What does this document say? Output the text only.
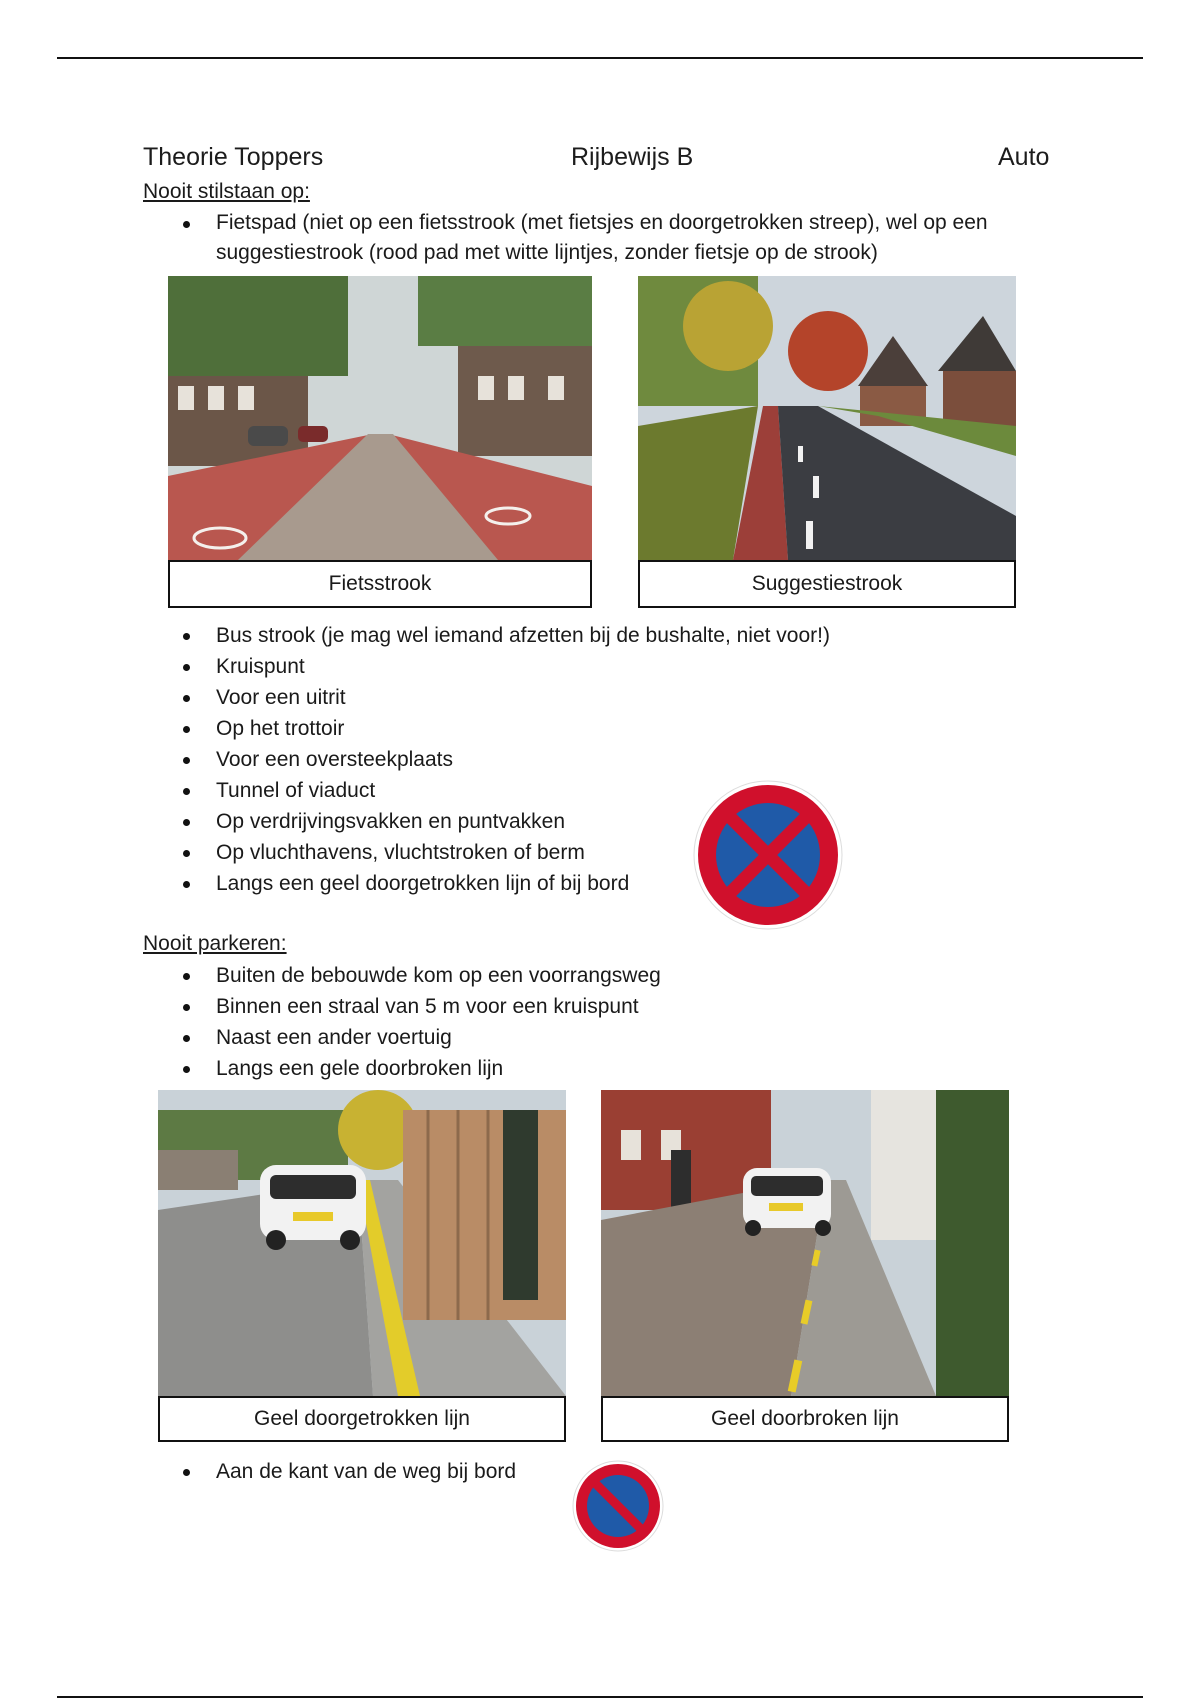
Theorie Toppers	Rijbewijs B	Auto
Nooit stilstaan op:
Fietspad (niet op een fietsstrook (met fietsjes en doorgetrokken streep), wel op een suggestiestrook (rood pad met witte lijntjes, zonder fietsje op de strook)
Fietsstrook	Suggestiestrook
Bus strook (je mag wel iemand afzetten bij de bushalte, niet voor!)
Kruispunt
Voor een uitrit
Op het trottoir
Voor een oversteekplaats
Tunnel of viaduct
Op verdrijvingsvakken en puntvakken
Op vluchthavens, vluchtstroken of berm
Langs een geel doorgetrokken lijn of bij bord
Nooit parkeren:
Buiten de bebouwde kom op een voorrangsweg
Binnen een straal van 5 m voor een kruispunt
Naast een ander voertuig
Langs een gele doorbroken lijn
Geel doorgetrokken lijn	Geel doorbroken lijn
Aan de kant van de weg bij bord
